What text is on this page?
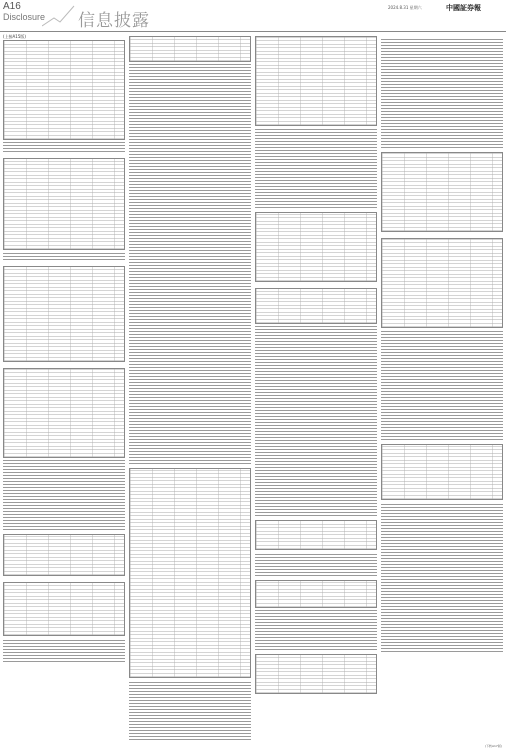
A16
Disclosure 信息披露
2024.8.31 星期六	中國証券報
(上接A15版)
(下转A17版)
